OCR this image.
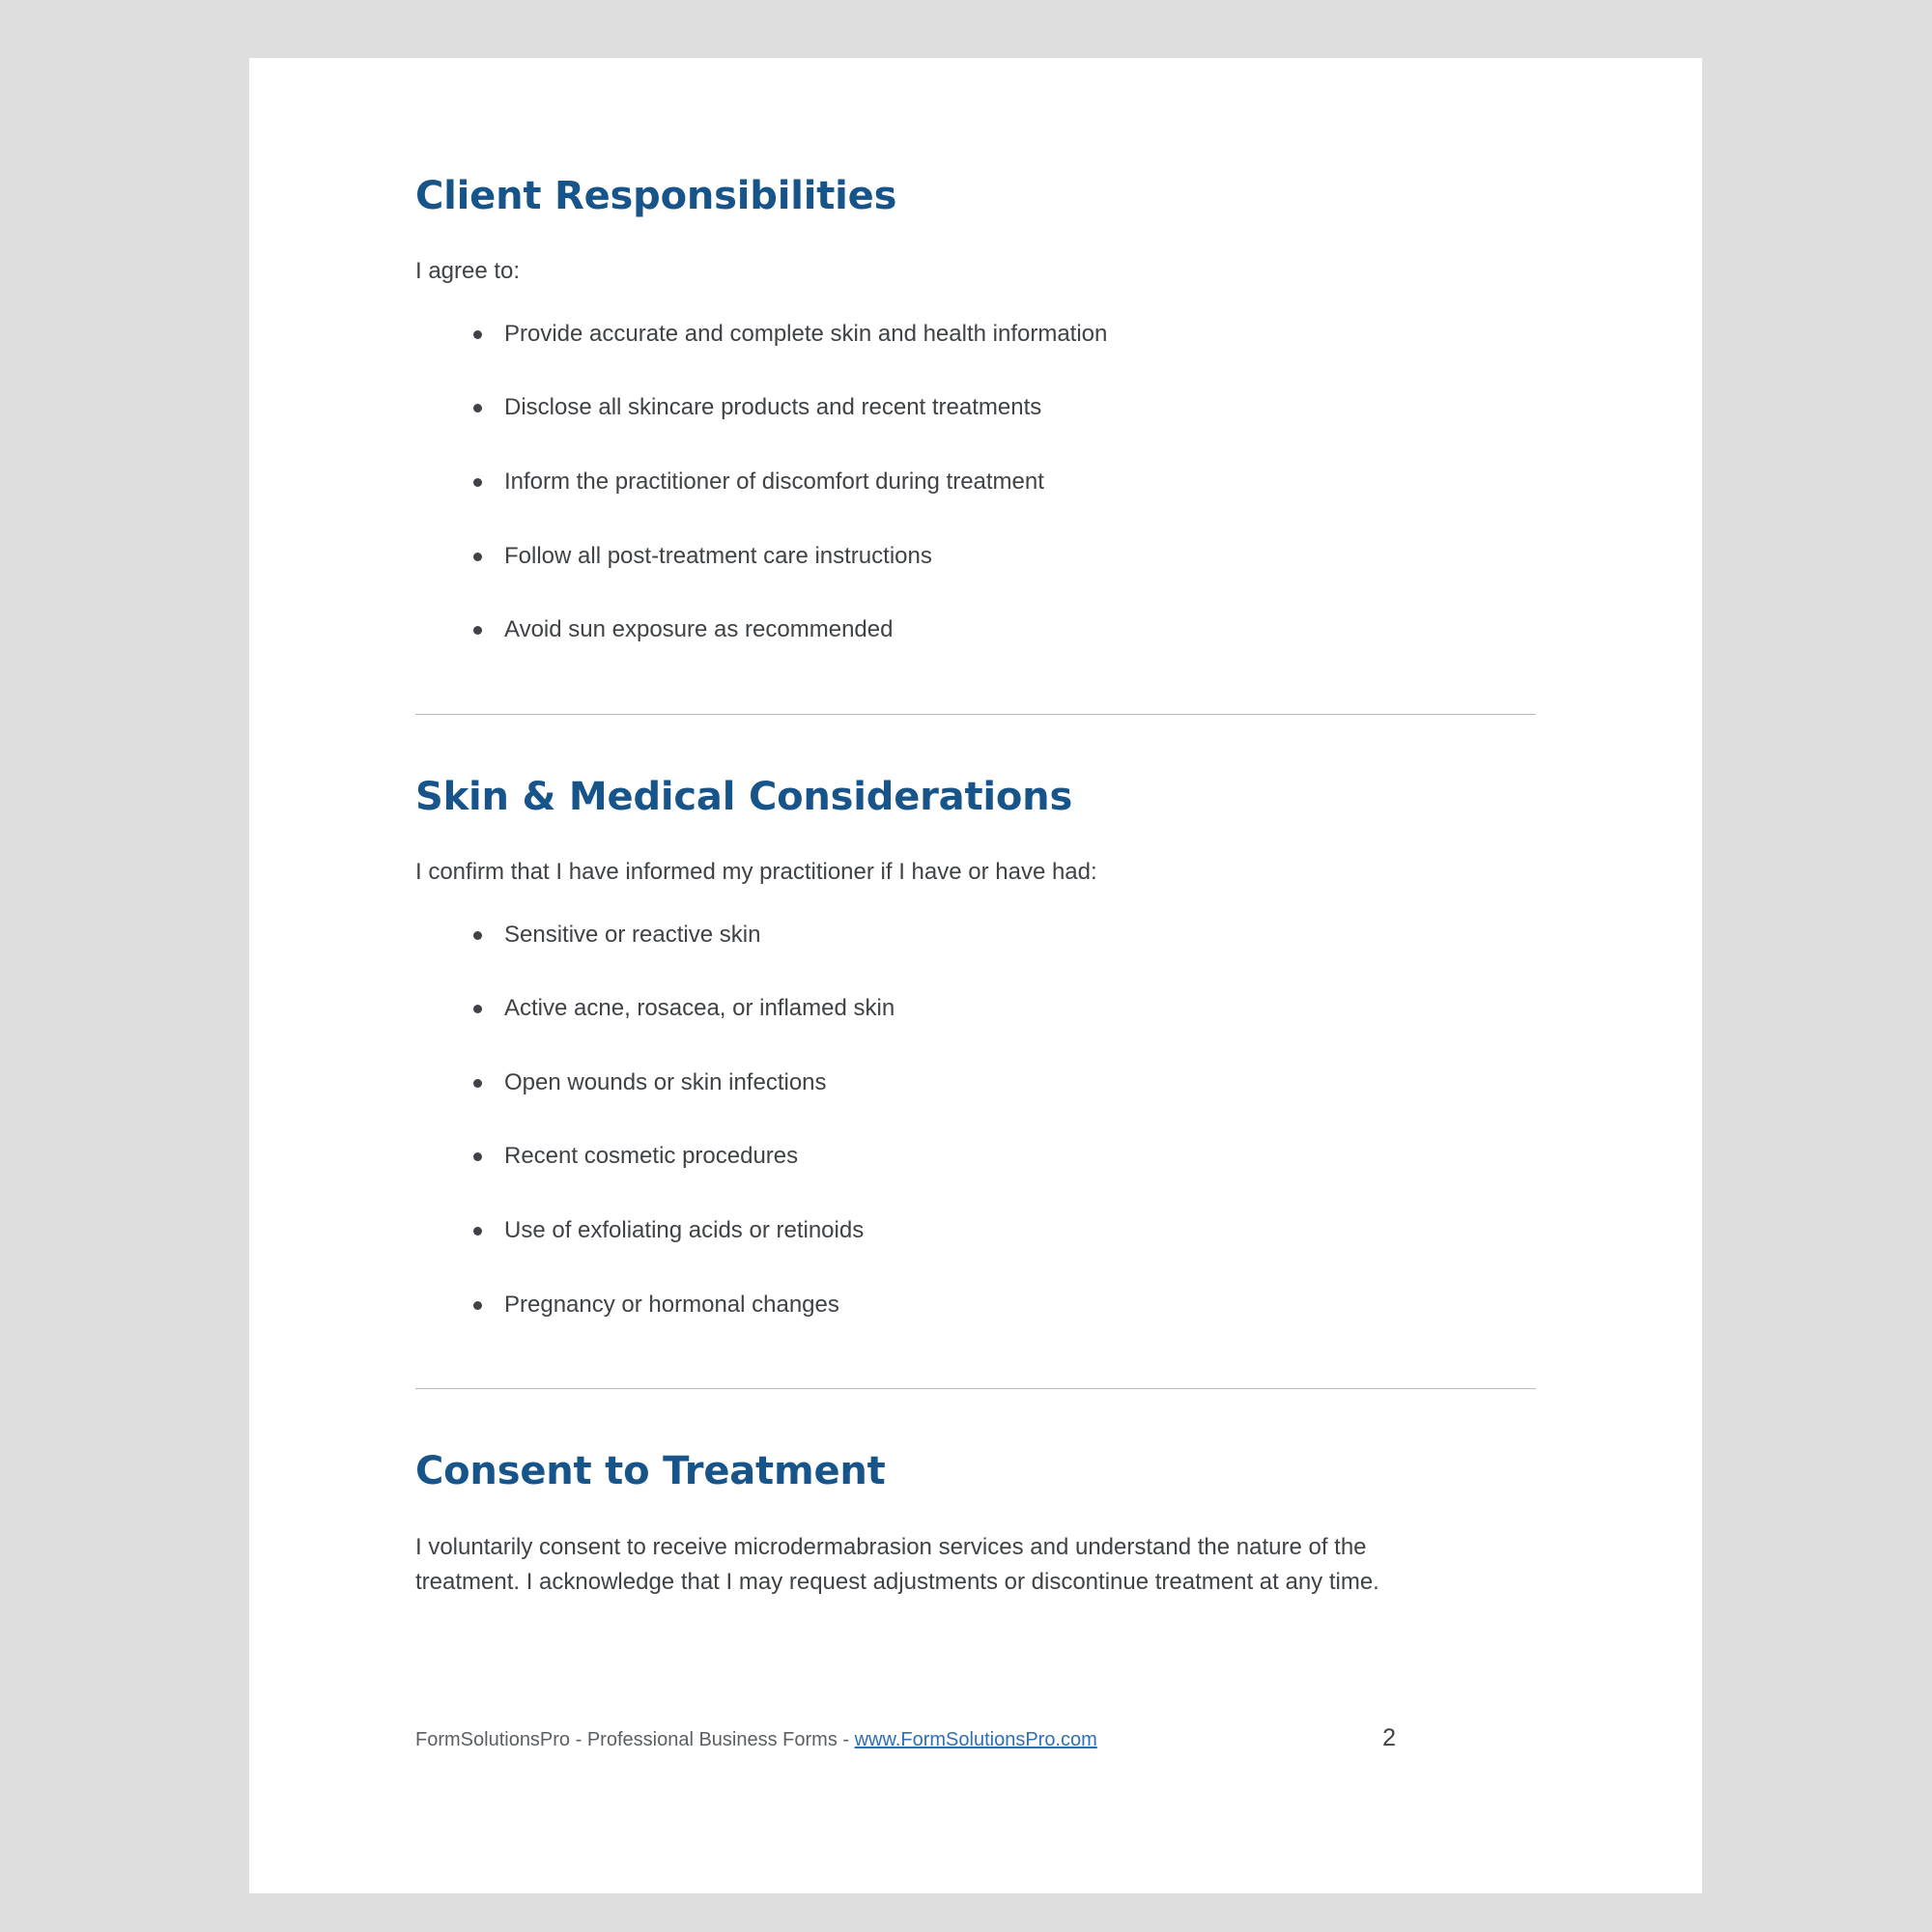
Client Responsibilities

I agree to:

Provide accurate and complete skin and health information
Disclose all skincare products and recent treatments
Inform the practitioner of discomfort during treatment
Follow all post-treatment care instructions
Avoid sun exposure as recommended
Skin & Medical Considerations

I confirm that I have informed my practitioner if I have or have had:

Sensitive or reactive skin
Active acne, rosacea, or inflamed skin
Open wounds or skin infections
Recent cosmetic procedures
Use of exfoliating acids or retinoids
Pregnancy or hormonal changes
Consent to Treatment

I voluntarily consent to receive microdermabrasion services and understand the nature of the treatment. I acknowledge that I may request adjustments or discontinue treatment at any time.

FormSolutionsPro - Professional Business Forms - www.FormSolutionsPro.com	2
